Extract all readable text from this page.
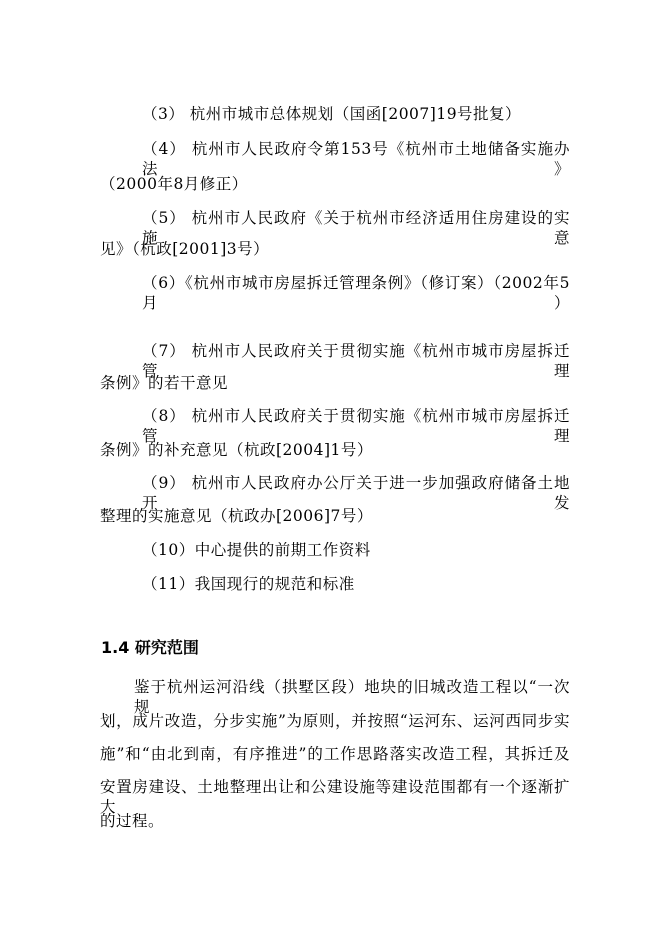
（3） 杭州市城市总体规划（国函[2007]19号批复）
（4） 杭州市人民政府令第153号《杭州市土地储备实施办法》
（2000年8月修正）
（5） 杭州市人民政府《关于杭州市经济适用住房建设的实施意
见》（杭政[2001]3号）
（6）《杭州市城市房屋拆迁管理条例》（修订案）（2002年5月）
（7） 杭州市人民政府关于贯彻实施《杭州市城市房屋拆迁管理
条例》的若干意见
（8） 杭州市人民政府关于贯彻实施《杭州市城市房屋拆迁管理
条例》的补充意见（杭政[2004]1号）
（9） 杭州市人民政府办公厅关于进一步加强政府储备土地开发
整理的实施意见（杭政办[2006]7号）
（10）中心提供的前期工作资料
（11）我国现行的规范和标准
1.4 研究范围
鉴于杭州运河沿线（拱墅区段）地块的旧城改造工程以“一次规
划，成片改造，分步实施”为原则，并按照“运河东、运河西同步实
施”和“由北到南，有序推进”的工作思路落实改造工程，其拆迁及
安置房建设、土地整理出让和公建设施等建设范围都有一个逐渐扩大
的过程。
